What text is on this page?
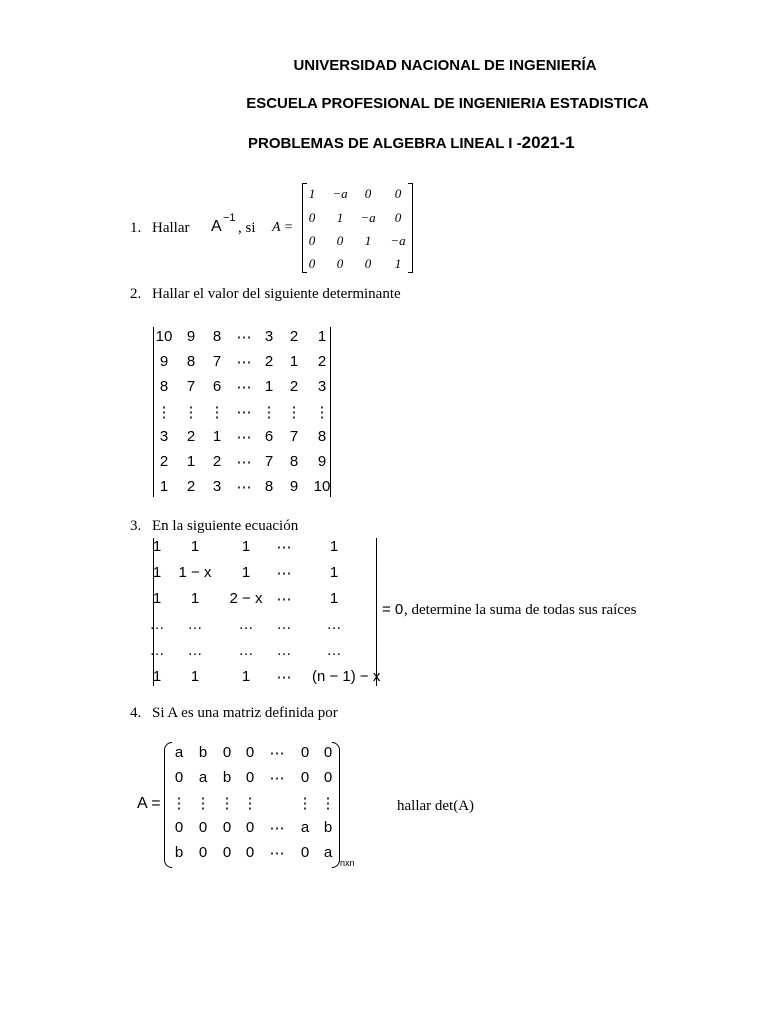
UNIVERSIDAD NACIONAL DE INGENIERÍA
ESCUELA PROFESIONAL DE INGENIERIA ESTADISTICA
PROBLEMAS DE ALGEBRA LINEAL I -2021-1
1. Hallar A −1
, si A =
1	−a	0	0
0	1	−a	0
0	0	1	−a
0	0	0	1
2. Hallar el valor del siguiente determinante
10 9	8	⋯ 3	2	1
9	8	7	⋯ 2	1	2
8	7	6	⋯ 1	2	3
⋮ ⋮ ⋮ ⋯ ⋮ ⋮ ⋮
3	2	1	⋯ 6	7	8
2	1	2	⋯ 7	8	9
1	2	3	⋯ 8	9	10
3. En la siguiente ecuación
1	1	1	⋯	1
1	1 − x	1	⋯	1
1	1	2 − x ⋯	1
…	…	…	…	…
…	…	…	…	…
1	1	1	⋯	(n − 1) − x
= 0 , determine la suma de todas sus raíces
4. Si A es una matriz definida por
A =
a	b	0 0	⋯	0 0
0	a	b 0	⋯	0 0
⋮ ⋮ ⋮ ⋮	⋮ ⋮
0	0	0 0	⋯	a b
b	0	0 0	⋯	0 a
nxn
hallar det(A)
